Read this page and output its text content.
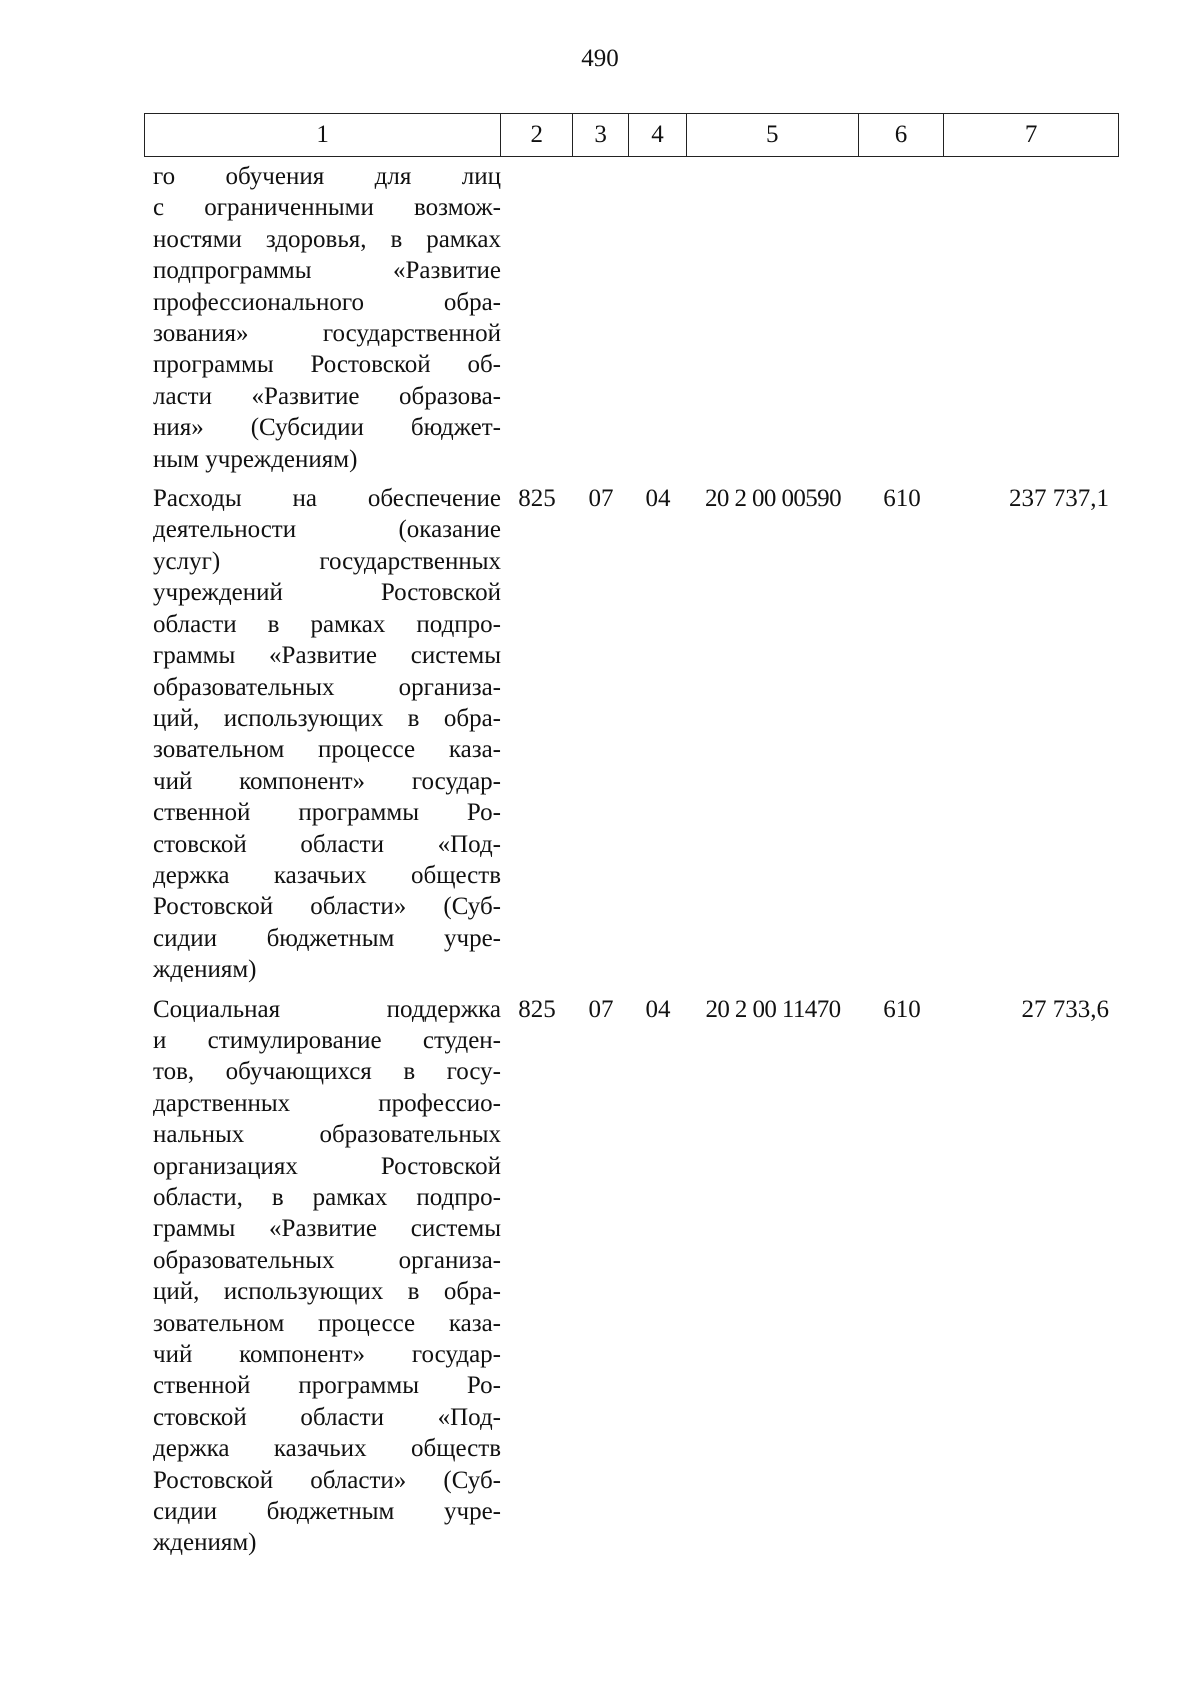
490
1	2	3	4	5	6	7
го обучения для лиц
с ограниченными возмож-
ностями здоровья, в рамках
подпрограммы «Развитие
профессионального обра-
зования» государственной
программы Ростовской об-
ласти «Развитие образова-
ния» (Субсидии бюджет-
ным учреждениям)
Расходы на обеспечение
деятельности (оказание
услуг) государственных
учреждений Ростовской
области в рамках подпро-
граммы «Развитие системы
образовательных организа-
ций, использующих в обра-
зовательном процессе каза-
чий компонент» государ-
ственной программы Ро-
стовской области «Под-
держка казачьих обществ
Ростовской области» (Суб-
сидии бюджетным учре-
ждениям)
825	07	04	20 2 00 00590	610	237 737,1
Социальная поддержка
и стимулирование студен-
тов, обучающихся в госу-
дарственных профессио-
нальных образовательных
организациях Ростовской
области, в рамках подпро-
граммы «Развитие системы
образовательных организа-
ций, использующих в обра-
зовательном процессе каза-
чий компонент» государ-
ственной программы Ро-
стовской области «Под-
держка казачьих обществ
Ростовской области» (Суб-
сидии бюджетным учре-
ждениям)
825	07	04	20 2 00 11470	610	27 733,6
